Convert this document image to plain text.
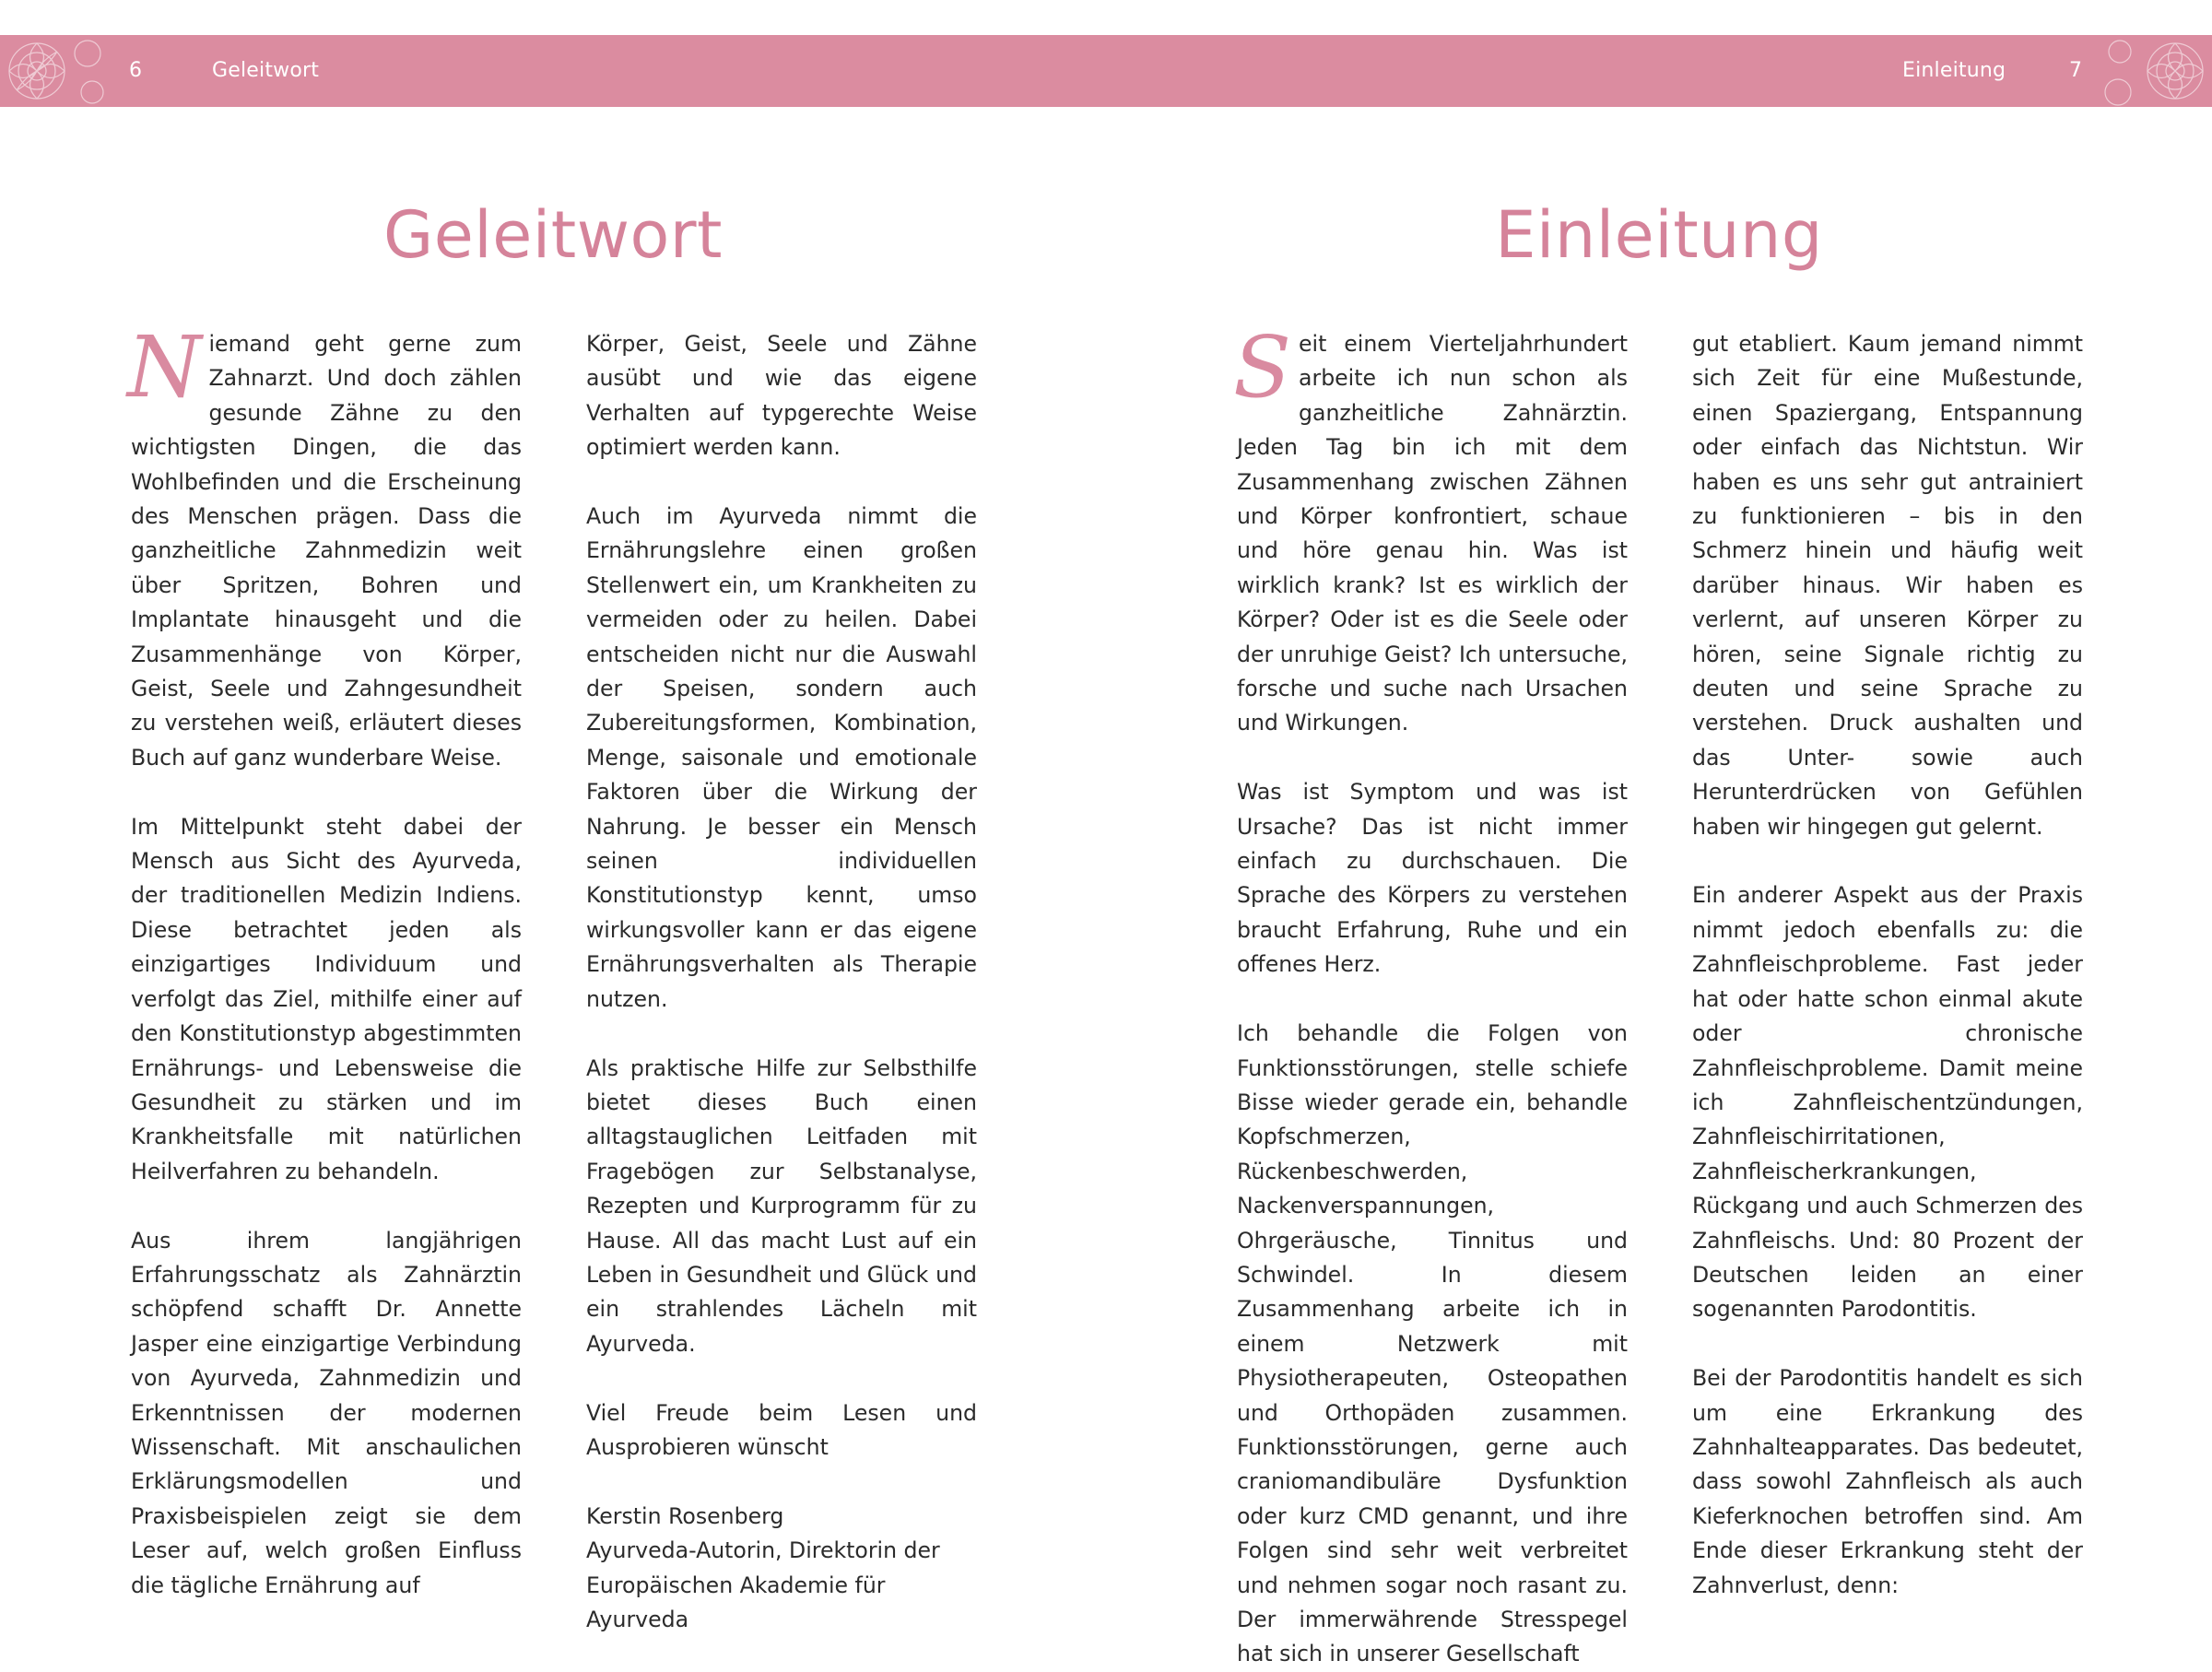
6	Geleitwort	Einleitung	7
Geleitwort	Einleitung

Niemand geht gerne zum Zahnarzt. Und doch zählen gesunde Zähne zu den wichtigsten Dingen, die das Wohlbefinden und die Erscheinung des Menschen prägen. Dass die ganzheitliche Zahnmedizin weit über Spritzen, Bohren und Implantate hinausgeht und die Zusammenhänge von Körper, Geist, Seele und Zahngesundheit zu verstehen weiß, erläutert dieses Buch auf ganz wunderbare Weise.

Im Mittelpunkt steht dabei der Mensch aus Sicht des Ayurveda, der traditionellen Medizin Indiens. Diese betrachtet jeden als einzigartiges Individuum und verfolgt das Ziel, mithilfe einer auf den Konstitutionstyp abgestimmten Ernährungs- und Lebensweise die Gesundheit zu stärken und im Krankheitsfalle mit natürlichen Heilverfahren zu behandeln.

Aus ihrem langjährigen Erfahrungsschatz als Zahnärztin schöpfend schafft Dr. Annette Jasper eine einzigartige Verbindung von Ayurveda, Zahnmedizin und Erkenntnissen der modernen Wissenschaft. Mit anschaulichen Erklärungsmodellen und Praxisbeispielen zeigt sie dem Leser auf, welch großen Einfluss die tägliche Ernährung auf

Körper, Geist, Seele und Zähne ausübt und wie das eigene Verhalten auf typgerechte Weise optimiert werden kann.

Auch im Ayurveda nimmt die Ernährungslehre einen großen Stellenwert ein, um Krankheiten zu vermeiden oder zu heilen. Dabei entscheiden nicht nur die Auswahl der Speisen, sondern auch Zubereitungsformen, Kombination, Menge, saisonale und emotionale Faktoren über die Wirkung der Nahrung. Je besser ein Mensch seinen individuellen Konstitutionstyp kennt, umso wirkungsvoller kann er das eigene Ernährungsverhalten als Therapie nutzen.

Als praktische Hilfe zur Selbsthilfe bietet dieses Buch einen alltagstauglichen Leitfaden mit Fragebögen zur Selbstanalyse, Rezepten und Kurprogramm für zu Hause. All das macht Lust auf ein Leben in Gesundheit und Glück und ein strahlendes Lächeln mit Ayurveda.

Viel Freude beim Lesen und Ausprobieren wünscht

Kerstin Rosenberg
Ayurveda-Autorin, Direktorin der Europäischen Akademie für Ayurveda

Seit einem Vierteljahrhundert arbeite ich nun schon als ganzheitliche Zahnärztin. Jeden Tag bin ich mit dem Zusammenhang zwischen Zähnen und Körper konfrontiert, schaue und höre genau hin. Was ist wirklich krank? Ist es wirklich der Körper? Oder ist es die Seele oder der unruhige Geist? Ich untersuche, forsche und suche nach Ursachen und Wirkungen.

Was ist Symptom und was ist Ursache? Das ist nicht immer einfach zu durchschauen. Die Sprache des Körpers zu verstehen braucht Erfahrung, Ruhe und ein offenes Herz.

Ich behandle die Folgen von Funktionsstörungen, stelle schiefe Bisse wieder gerade ein, behandle Kopfschmerzen, Rückenbeschwerden, Nackenverspannungen, Ohrgeräusche, Tinnitus und Schwindel. In diesem Zusammenhang arbeite ich in einem Netzwerk mit Physiotherapeuten, Osteopathen und Orthopäden zusammen. Funktionsstörungen, gerne auch craniomandibuläre Dysfunktion oder kurz CMD genannt, und ihre Folgen sind sehr weit verbreitet und nehmen sogar noch rasant zu. Der immerwährende Stresspegel hat sich in unserer Gesellschaft

gut etabliert. Kaum jemand nimmt sich Zeit für eine Mußestunde, einen Spaziergang, Entspannung oder einfach das Nichtstun. Wir haben es uns sehr gut antrainiert zu funktionieren – bis in den Schmerz hinein und häufig weit darüber hinaus. Wir haben es verlernt, auf unseren Körper zu hören, seine Signale richtig zu deuten und seine Sprache zu verstehen. Druck aushalten und das Unter- sowie auch Herunterdrücken von Gefühlen haben wir hingegen gut gelernt.

Ein anderer Aspekt aus der Praxis nimmt jedoch ebenfalls zu: die Zahnfleischprobleme. Fast jeder hat oder hatte schon einmal akute oder chronische Zahnfleischprobleme. Damit meine ich Zahnfleischentzündungen, Zahnfleischirritationen, Zahnfleischerkrankungen, Rückgang und auch Schmerzen des Zahnfleischs. Und: 80 Prozent der Deutschen leiden an einer sogenannten Parodontitis.

Bei der Parodontitis handelt es sich um eine Erkrankung des Zahnhalteapparates. Das bedeutet, dass sowohl Zahnfleisch als auch Kieferknochen betroffen sind. Am Ende dieser Erkrankung steht der Zahnverlust, denn:
